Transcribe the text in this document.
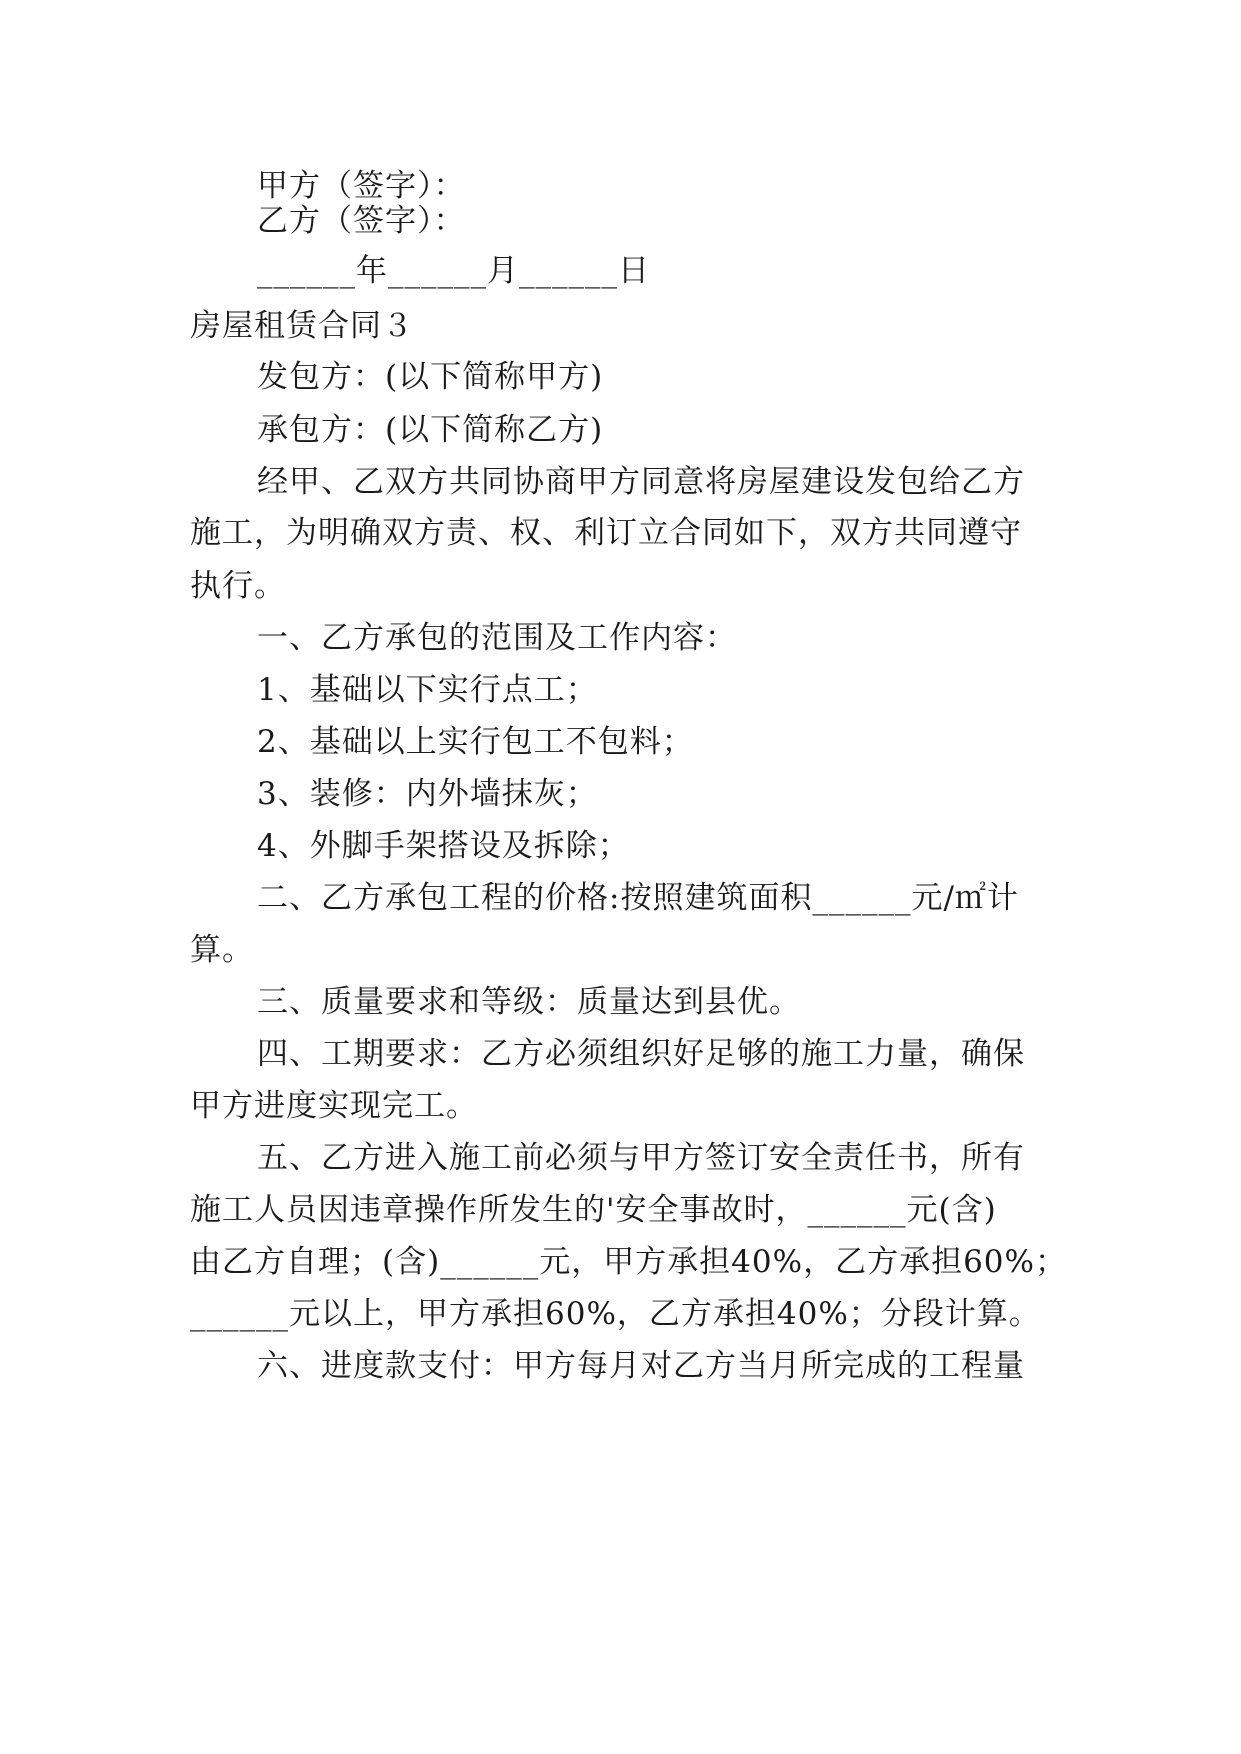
甲方（签字）：
乙方（签字）：
______年______月______日
房屋租赁合同３
发包方：(以下简称甲方)
承包方：(以下简称乙方)
经甲、乙双方共同协商甲方同意将房屋建设发包给乙方
施工，为明确双方责、权、利订立合同如下，双方共同遵守
执行。
一、乙方承包的范围及工作内容：
1、基础以下实行点工；
2、基础以上实行包工不包料；
3、装修：内外墙抹灰；
4、外脚手架搭设及拆除；
二、乙方承包工程的价格:按照建筑面积______元/㎡计
算。
三、质量要求和等级：质量达到县优。
四、工期要求：乙方必须组织好足够的施工力量，确保
甲方进度实现完工。
五、乙方进入施工前必须与甲方签订安全责任书，所有
施工人员因违章操作所发生的'安全事故时，______元(含)
由乙方自理；(含)______元，甲方承担40%，乙方承担60%；
______元以上，甲方承担60%，乙方承担40%；分段计算。
六、进度款支付：甲方每月对乙方当月所完成的工程量
